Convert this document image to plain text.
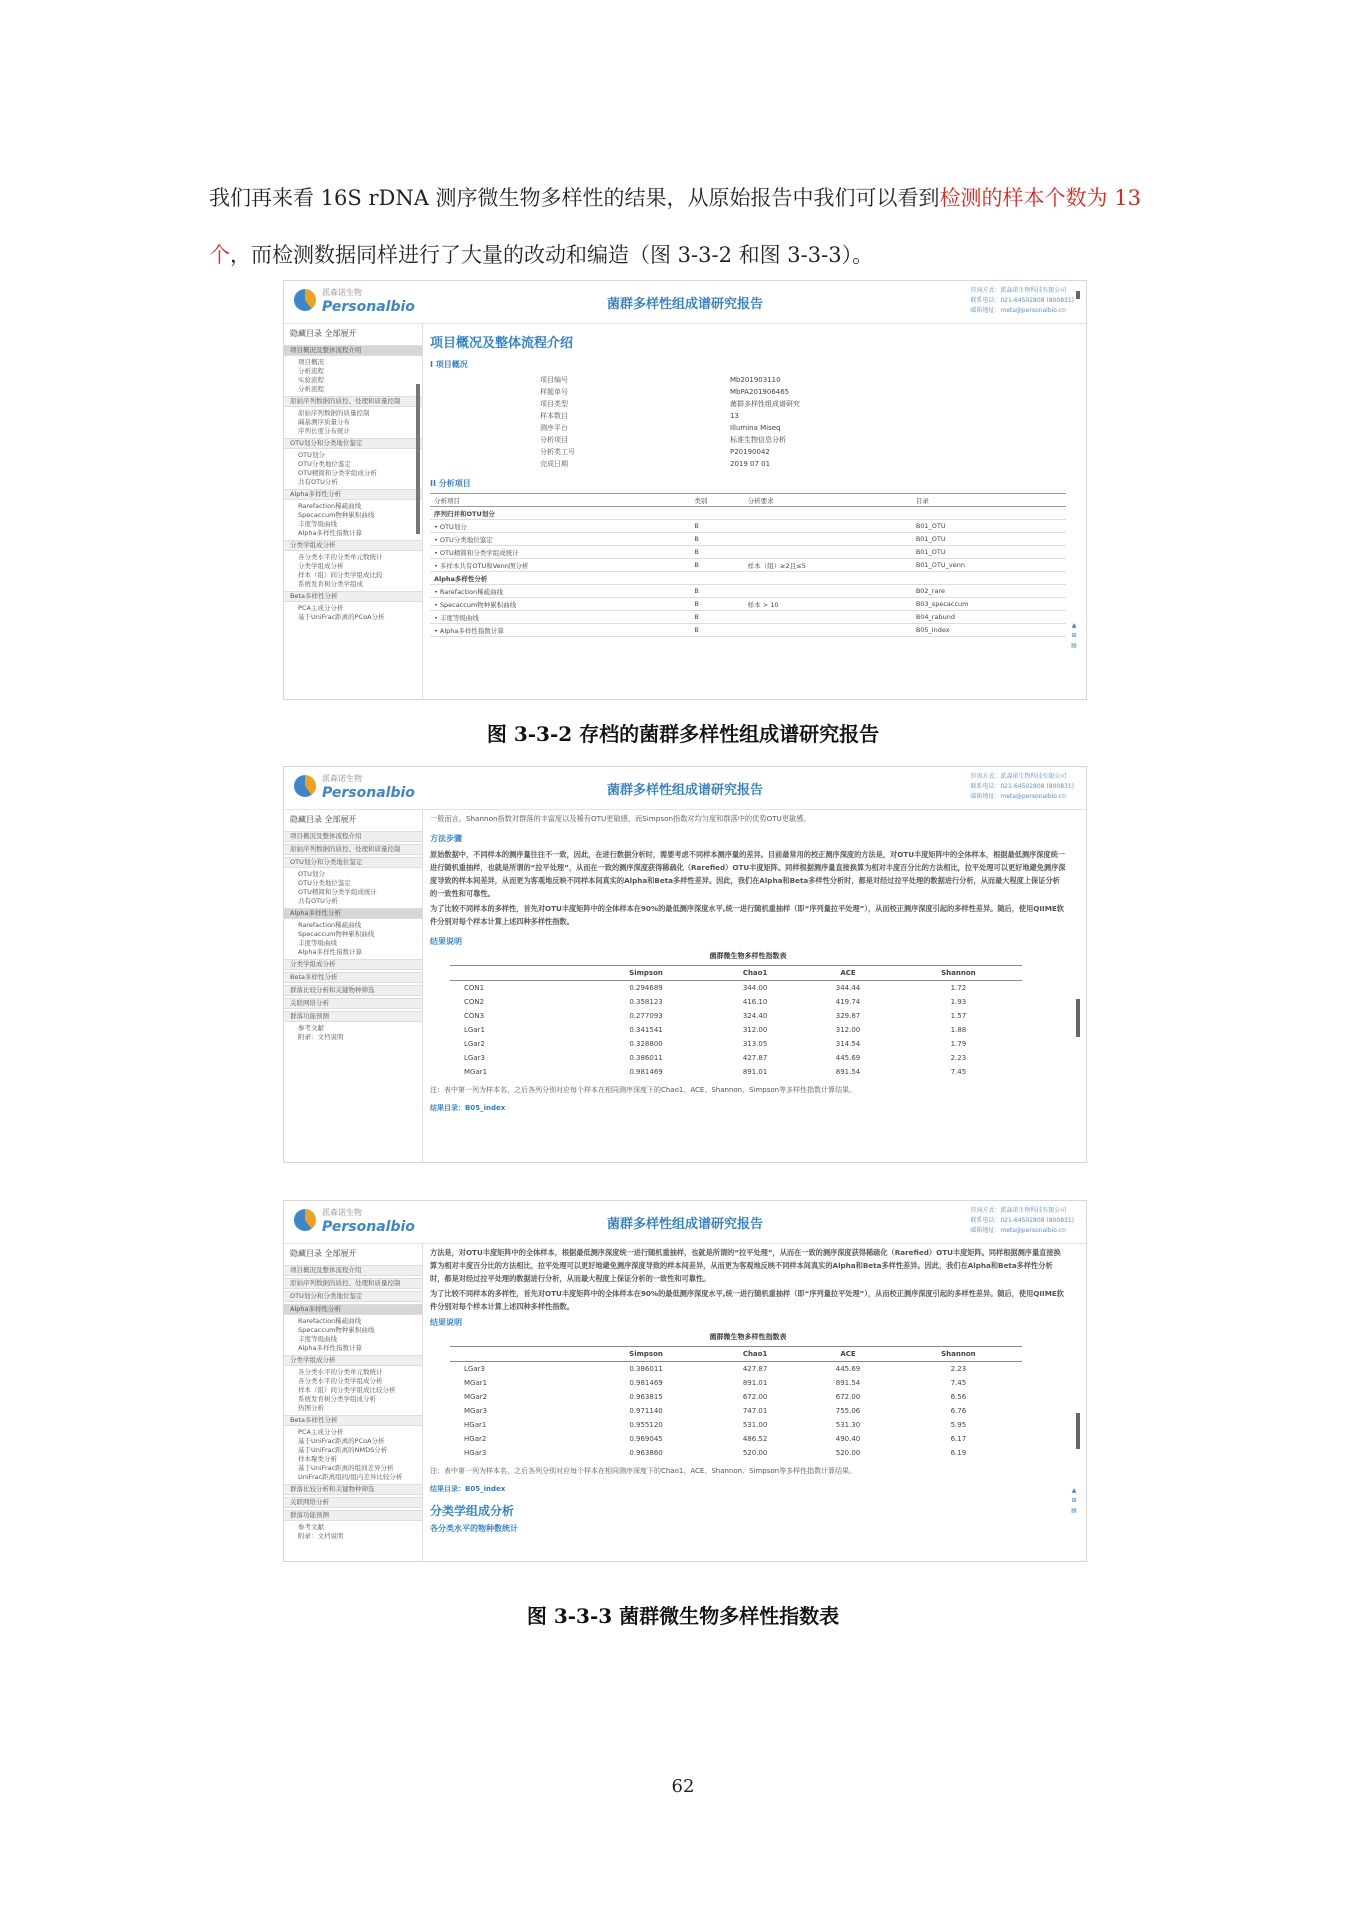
我们再来看 16S rDNA 测序微生物多样性的结果，从原始报告中我们可以看到检测的样本个数为 13 个，而检测数据同样进行了大量的改动和编造（图 3-3-2 和图 3-3-3）。
派森诺生物
Personalbio	菌群多样性组成谱研究报告
咨询方式：派森诺生物科技有限公司
联系电话：021-64502808 (800831)
邮箱地址：meta@personalbio.cn
隐藏目录 全部展开
项目概况及整体流程介绍
项目概况
分析流程
实验流程
分析流程
原始序列数据的质控、处理和质量控制
原始序列数据的质量控制
碱基测序质量分布
序列长度分布统计
OTU划分和分类地位鉴定
OTU划分
OTU分类地位鉴定
OTU精简和分类学组成分析
共有OTU分析
Alpha多样性分析
Rarefaction稀疏曲线
Specaccum物种累积曲线
丰度等级曲线
Alpha多样性指数计算
分类学组成分析
各分类水平的分类单元数统计
分类学组成分析
样本（组）间分类学组成比较
系统发育树分类学组成
Beta多样性分析
PCA主成分分析
基于UniFrac距离的PCoA分析
项目概况及整体流程介绍
I 项目概况
项目编号	Mb201903110
样题单号	MbPA201906465
项目类型	菌群多样性组成谱研究
样本数目	13
测序平台	Illumina Miseq
分析项目	标准生物信息分析
分析类工号	P20190042
完成日期	2019 07 01
II 分析项目
分析项目	类别	分析要求	目录
序列归并和OTU划分			
• OTU划分	B		B01_OTU
• OTU分类地位鉴定	B		B01_OTU
• OTU精简和分类学组成统计	B		B01_OTU
• 多样本共有OTU和Venn图分析	B	样本（组）≥2且≤5	B01_OTU_venn
Alpha多样性分析			
• Rarefaction稀疏曲线	B		B02_rare
• Specaccum物种累积曲线	B	样本 > 10	B03_specaccum
• 丰度等级曲线	B		B04_rabund
• Alpha多样性指数计算	B		B05_index
▲
⊞
▤
图 3-3-2 存档的菌群多样性组成谱研究报告
派森诺生物
Personalbio	菌群多样性组成谱研究报告
咨询方式：派森诺生物科技有限公司
联系电话：021-64502808 (800831)
邮箱地址：meta@personalbio.cn
隐藏目录 全部展开
项目概况及整体流程介绍
原始序列数据的质控、处理和质量控制
OTU划分和分类地位鉴定
OTU划分
OTU分类地位鉴定
OTU精简和分类学组成统计
共有OTU分析
Alpha多样性分析
Rarefaction稀疏曲线
Specaccum物种累积曲线
丰度等级曲线
Alpha多样性指数计算
分类学组成分析
Beta多样性分析
群落比较分析和关键物种筛选
关联网络分析
群落功能预测
参考文献
附录：文档说明

一般而言，Shannon指数对群落的丰富度以及稀有OTU更敏感，而Simpson指数对均匀度和群落中的优势OTU更敏感。

方法步骤

原始数据中，不同样本的测序量往往不一致，因此，在进行数据分析时，需要考虑不同样本测序量的差异。目前最常用的校正测序深度的方法是，对OTU丰度矩阵中的全体样本，根据最低测序深度统一进行随机重抽样，也就是所谓的“拉平处理”，从而在一致的测序深度获得稀疏化（Rarefied）OTU丰度矩阵。同样根据测序量直接换算为相对丰度百分比的方法相比，拉平处理可以更好地避免测序深度导致的样本间差异，从而更为客观地反映不同样本间真实的Alpha和Beta多样性差异。因此，我们在Alpha和Beta多样性分析时，都是对经过拉平处理的数据进行分析，从而最大程度上保证分析的一致性和可靠性。

为了比较不同样本的多样性，首先对OTU丰度矩阵中的全体样本在90%的最低测序深度水平,统一进行随机重抽样（即“序列量拉平处理”），从而校正测序深度引起的多样性差异。随后，使用QIIME软件分别对每个样本计算上述四种多样性指数。

结果说明
菌群微生物多样性指数表
	Simpson	Chao1	ACE	Shannon
CON1	0.294689	344.00	344.44	1.72
CON2	0.358123	416.10	419.74	1.93
CON3	0.277093	324.40	329.87	1.57
LGar1	0.341541	312.00	312.00	1.88
LGar2	0.328800	313.05	314.54	1.79
LGar3	0.386011	427.87	445.69	2.23
MGar1	0.981469	891.01	891.54	7.45
注：表中第一列为样本名，之后各列分别对应每个样本在相同测序深度下的Chao1、ACE、Shannon、Simpson等多样性指数计算结果。
结果目录：B05_index
派森诺生物
Personalbio	菌群多样性组成谱研究报告
咨询方式：派森诺生物科技有限公司
联系电话：021-64502808 (800831)
邮箱地址：meta@personalbio.cn
隐藏目录 全部展开
项目概况及整体流程介绍
原始序列数据的质控、处理和质量控制
OTU划分和分类地位鉴定
Alpha多样性分析
Rarefaction稀疏曲线
Specaccum物种累积曲线
丰度等级曲线
Alpha多样性指数计算
分类学组成分析
各分类水平的分类单元数统计
各分类水平的分类学组成分析
样本（组）间分类学组成比较分析
系统发育树分类学组成分析
热图分析
Beta多样性分析
PCA主成分分析
基于UniFrac距离的PCoA分析
基于UniFrac距离的NMDS分析
样本聚类分析
基于UniFrac距离的组间差异分析
UniFrac距离组间/组内差异比较分析
群落比较分析和关键物种筛选
关联网络分析
群落功能预测
参考文献
附录：文档说明

方法是，对OTU丰度矩阵中的全体样本，根据最低测序深度统一进行随机重抽样，也就是所谓的“拉平处理”，从而在一致的测序深度获得稀疏化（Rarefied）OTU丰度矩阵。同样根据测序量直接换算为相对丰度百分比的方法相比，拉平处理可以更好地避免测序深度导致的样本间差异，从而更为客观地反映不同样本间真实的Alpha和Beta多样性差异。因此，我们在Alpha和Beta多样性分析时，都是对经过拉平处理的数据进行分析，从而最大程度上保证分析的一致性和可靠性。

为了比较不同样本的多样性，首先对OTU丰度矩阵中的全体样本在90%的最低测序深度水平,统一进行随机重抽样（即“序列量拉平处理”），从而校正测序深度引起的多样性差异。随后，使用QIIME软件分别对每个样本计算上述四种多样性指数。

结果说明
菌群微生物多样性指数表
	Simpson	Chao1	ACE	Shannon
LGar3	0.386011	427.87	445.69	2.23
MGar1	0.981469	891.01	891.54	7.45
MGar2	0.963815	672.00	672.00	6.56
MGar3	0.971140	747.01	755.06	6.76
HGar1	0.955120	531.00	531.30	5.95
HGar2	0.969045	486.52	490.40	6.17
HGar3	0.963860	520.00	520.00	6.19
注：表中第一列为样本名，之后各列分别对应每个样本在相同测序深度下的Chao1、ACE、Shannon、Simpson等多样性指数计算结果。
结果目录：B05_index
分类学组成分析
各分类水平的物种数统计
▲
⊞
▤
图 3-3-3 菌群微生物多样性指数表
62
